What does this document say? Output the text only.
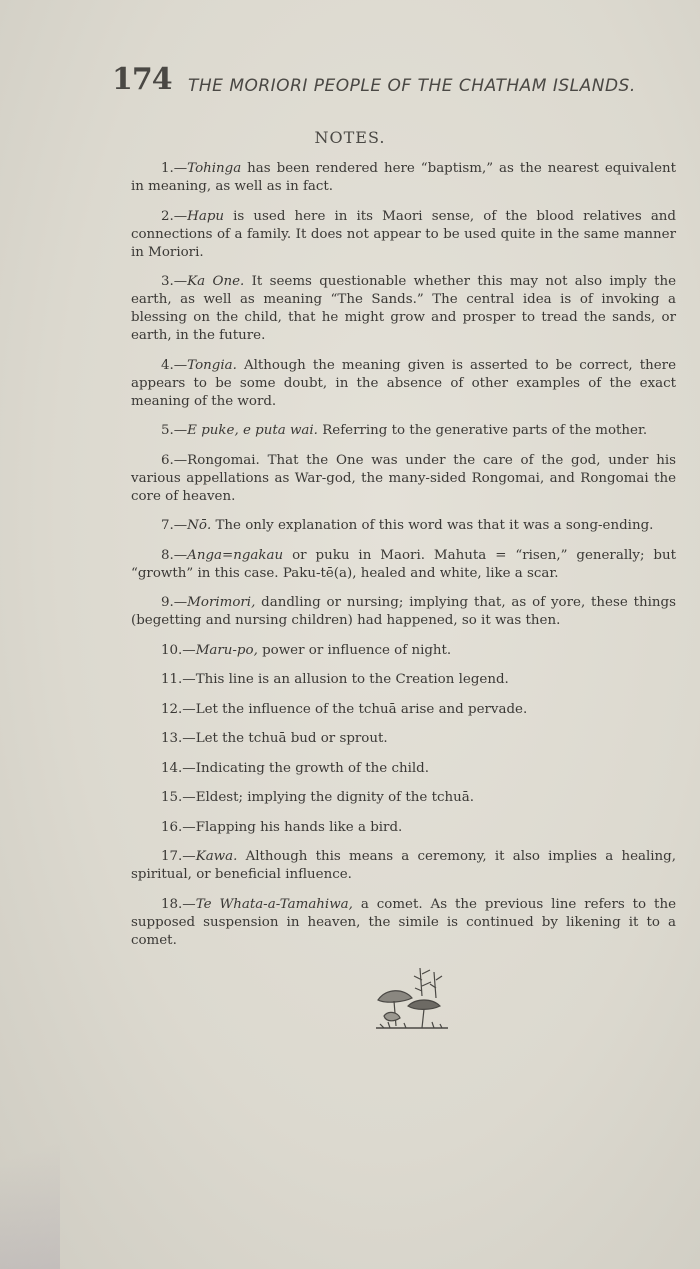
174 THE MORIORI PEOPLE OF THE CHATHAM ISLANDS.
NOTES.

1.—Tohinga has been rendered here “baptism,” as the nearest equivalent in meaning, as well as in fact.

2.—Hapu is used here in its Maori sense, of the blood relatives and connections of a family. It does not appear to be used quite in the same manner in Moriori.

3.—Ka One. It seems questionable whether this may not also imply the earth, as well as meaning “The Sands.” The central idea is of invoking a blessing on the child, that he might grow and prosper to tread the sands, or earth, in the future.

4.—Tongia. Although the meaning given is asserted to be correct, there appears to be some doubt, in the absence of other examples of the exact meaning of the word.

5.—E puke, e puta wai. Referring to the generative parts of the mother.

6.—Rongomai. That the One was under the care of the god, under his various appellations as War-god, the many-sided Rongomai, and Rongomai the core of heaven.

7.—Nō. The only explanation of this word was that it was a song-ending.

8.—Anga=ngakau or puku in Maori. Mahuta = “risen,” generally; but “growth” in this case. Paku-tē(a), healed and white, like a scar.

9.—Morimori, dandling or nursing; implying that, as of yore, these things (begetting and nursing children) had happened, so it was then.

10.—Maru-po, power or influence of night.

11.—This line is an allusion to the Creation legend.

12.—Let the influence of the tchuā arise and pervade.

13.—Let the tchuā bud or sprout.

14.—Indicating the growth of the child.

15.—Eldest; implying the dignity of the tchuā.

16.—Flapping his hands like a bird.

17.—Kawa. Although this means a ceremony, it also implies a healing, spiritual, or beneficial influence.

18.—Te Whata-a-Tamahiwa, a comet. As the previous line refers to the supposed suspension in heaven, the simile is continued by likening it to a comet.
